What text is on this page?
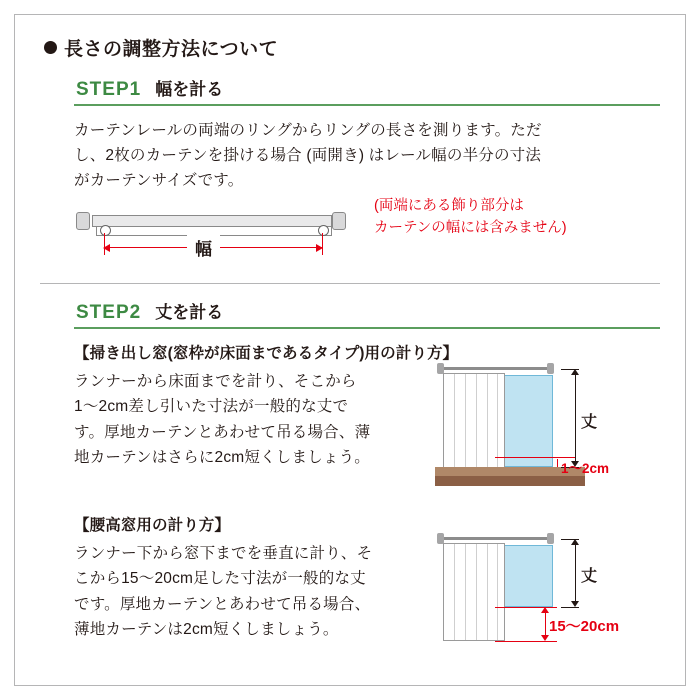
長さの調整方法について
STEP1 幅を計る

カーテンレールの両端のリングからリングの長さを測ります。ただし、2枚のカーテンを掛ける場合 (両開き) はレール幅の半分の寸法がカーテンサイズです。

幅
(両端にある飾り部分は
カーテンの幅には含みません)
STEP2 丈を計る
【掃き出し窓(窓枠が床面まであるタイプ)用の計り方】

ランナーから床面までを計り、そこから1〜2cm差し引いた寸法が一般的な丈です。厚地カーテンとあわせて吊る場合、薄地カーテンはさらに2cm短くしましょう。

丈
1〜2cm
【腰高窓用の計り方】

ランナー下から窓下までを垂直に計り、そこから15〜20cm足した寸法が一般的な丈です。厚地カーテンとあわせて吊る場合、薄地カーテンは2cm短くしましょう。

丈
15〜20cm
